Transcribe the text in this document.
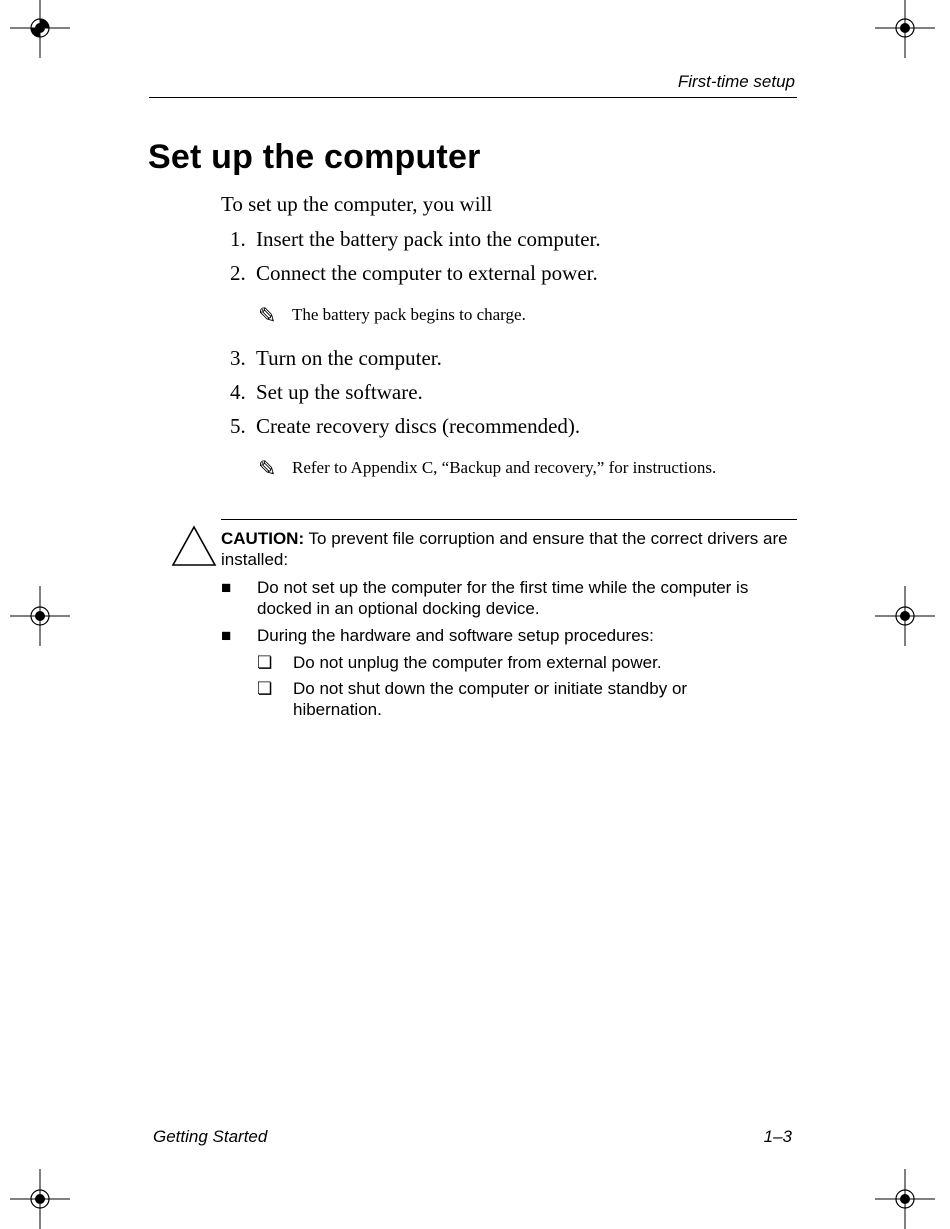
First-time setup
Set up the computer
To set up the computer, you will
1. Insert the battery pack into the computer.
2. Connect the computer to external power.
✎ The battery pack begins to charge.
3. Turn on the computer.
4. Set up the software.
5. Create recovery discs (recommended).
✎ Refer to Appendix C, “Backup and recovery,” for instructions.
CAUTION: To prevent file corruption and ensure that the correct drivers are installed:
■ Do not set up the computer for the first time while the computer is docked in an optional docking device.
■ During the hardware and software setup procedures:
❏ Do not unplug the computer from external power.
❏ Do not shut down the computer or initiate standby or hibernation.
Getting Started	1–3
